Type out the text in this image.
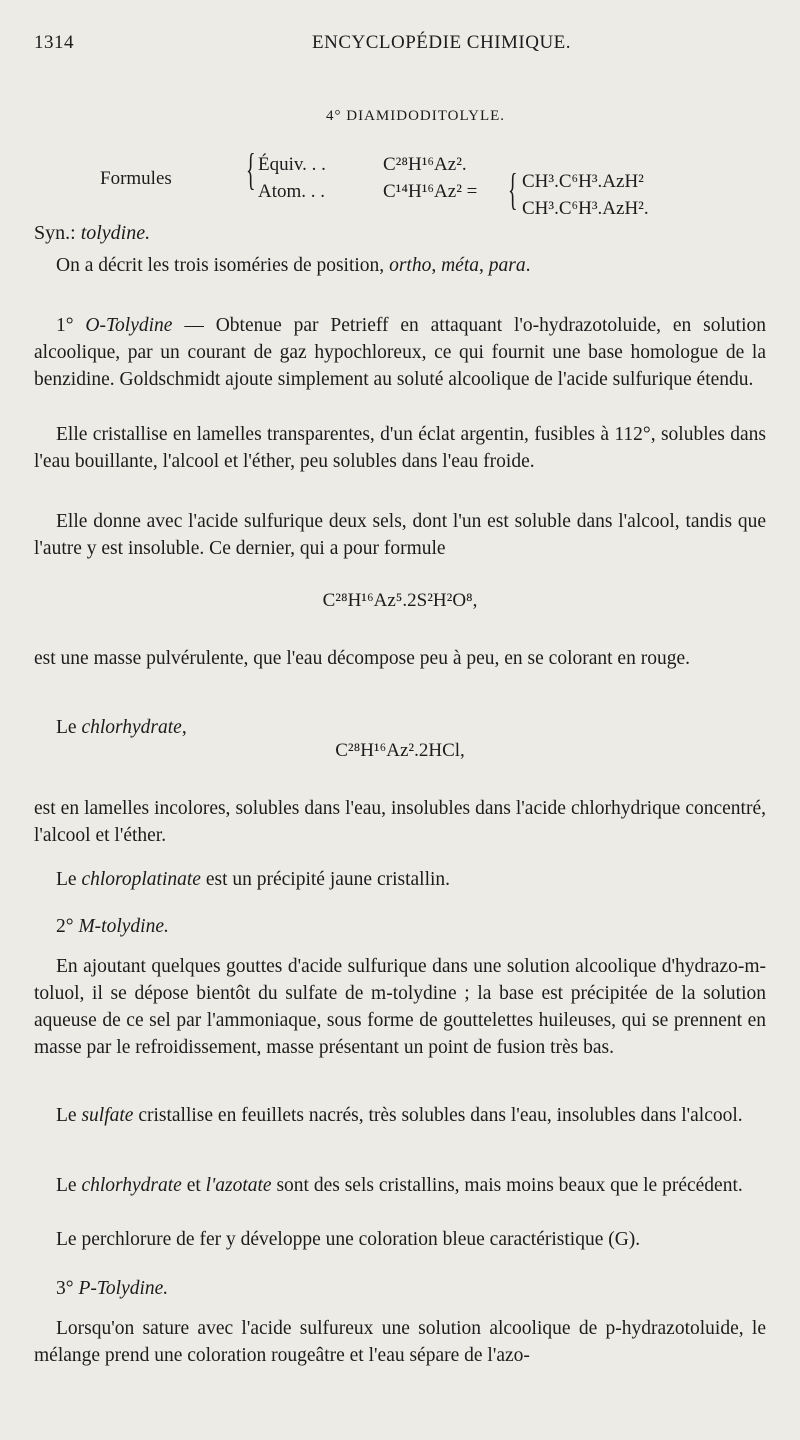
1314	ENCYCLOPÉDIE CHIMIQUE.
4° DIAMIDODITOLYLE.
Formules { Équiv. . .	C²⁸H¹⁶Az².
Atom. . .	C¹⁴H¹⁶Az² = { CH³.C⁶H³.AzH²
CH³.C⁶H³.AzH².
Syn.: tolydine.

On a décrit les trois isoméries de position, ortho, méta, para.

1° O-Tolydine — Obtenue par Petrieff en attaquant l'o-hydrazotoluide, en solution alcoolique, par un courant de gaz hypochloreux, ce qui fournit une base homologue de la benzidine. Goldschmidt ajoute simplement au soluté alcoolique de l'acide sulfurique étendu.

Elle cristallise en lamelles transparentes, d'un éclat argentin, fusibles à 112°, solubles dans l'eau bouillante, l'alcool et l'éther, peu solubles dans l'eau froide.

Elle donne avec l'acide sulfurique deux sels, dont l'un est soluble dans l'alcool, tandis que l'autre y est insoluble. Ce dernier, qui a pour formule

C²⁸H¹⁶Az⁵.2S²H²O⁸,

est une masse pulvérulente, que l'eau décompose peu à peu, en se colorant en rouge.

Le chlorhydrate,

C²⁸H¹⁶Az².2HCl,

est en lamelles incolores, solubles dans l'eau, insolubles dans l'acide chlorhydrique concentré, l'alcool et l'éther.

Le chloroplatinate est un précipité jaune cristallin.

2° M-tolydine.

En ajoutant quelques gouttes d'acide sulfurique dans une solution alcoolique d'hydrazo-m-toluol, il se dépose bientôt du sulfate de m-tolydine ; la base est précipitée de la solution aqueuse de ce sel par l'ammoniaque, sous forme de gouttelettes huileuses, qui se prennent en masse par le refroidissement, masse présentant un point de fusion très bas.

Le sulfate cristallise en feuillets nacrés, très solubles dans l'eau, insolubles dans l'alcool.

Le chlorhydrate et l'azotate sont des sels cristallins, mais moins beaux que le précédent.

Le perchlorure de fer y développe une coloration bleue caractéristique (G).

3° P-Tolydine.

Lorsqu'on sature avec l'acide sulfureux une solution alcoolique de p-hydrazotoluide, le mélange prend une coloration rougeâtre et l'eau sépare de l'azo-
